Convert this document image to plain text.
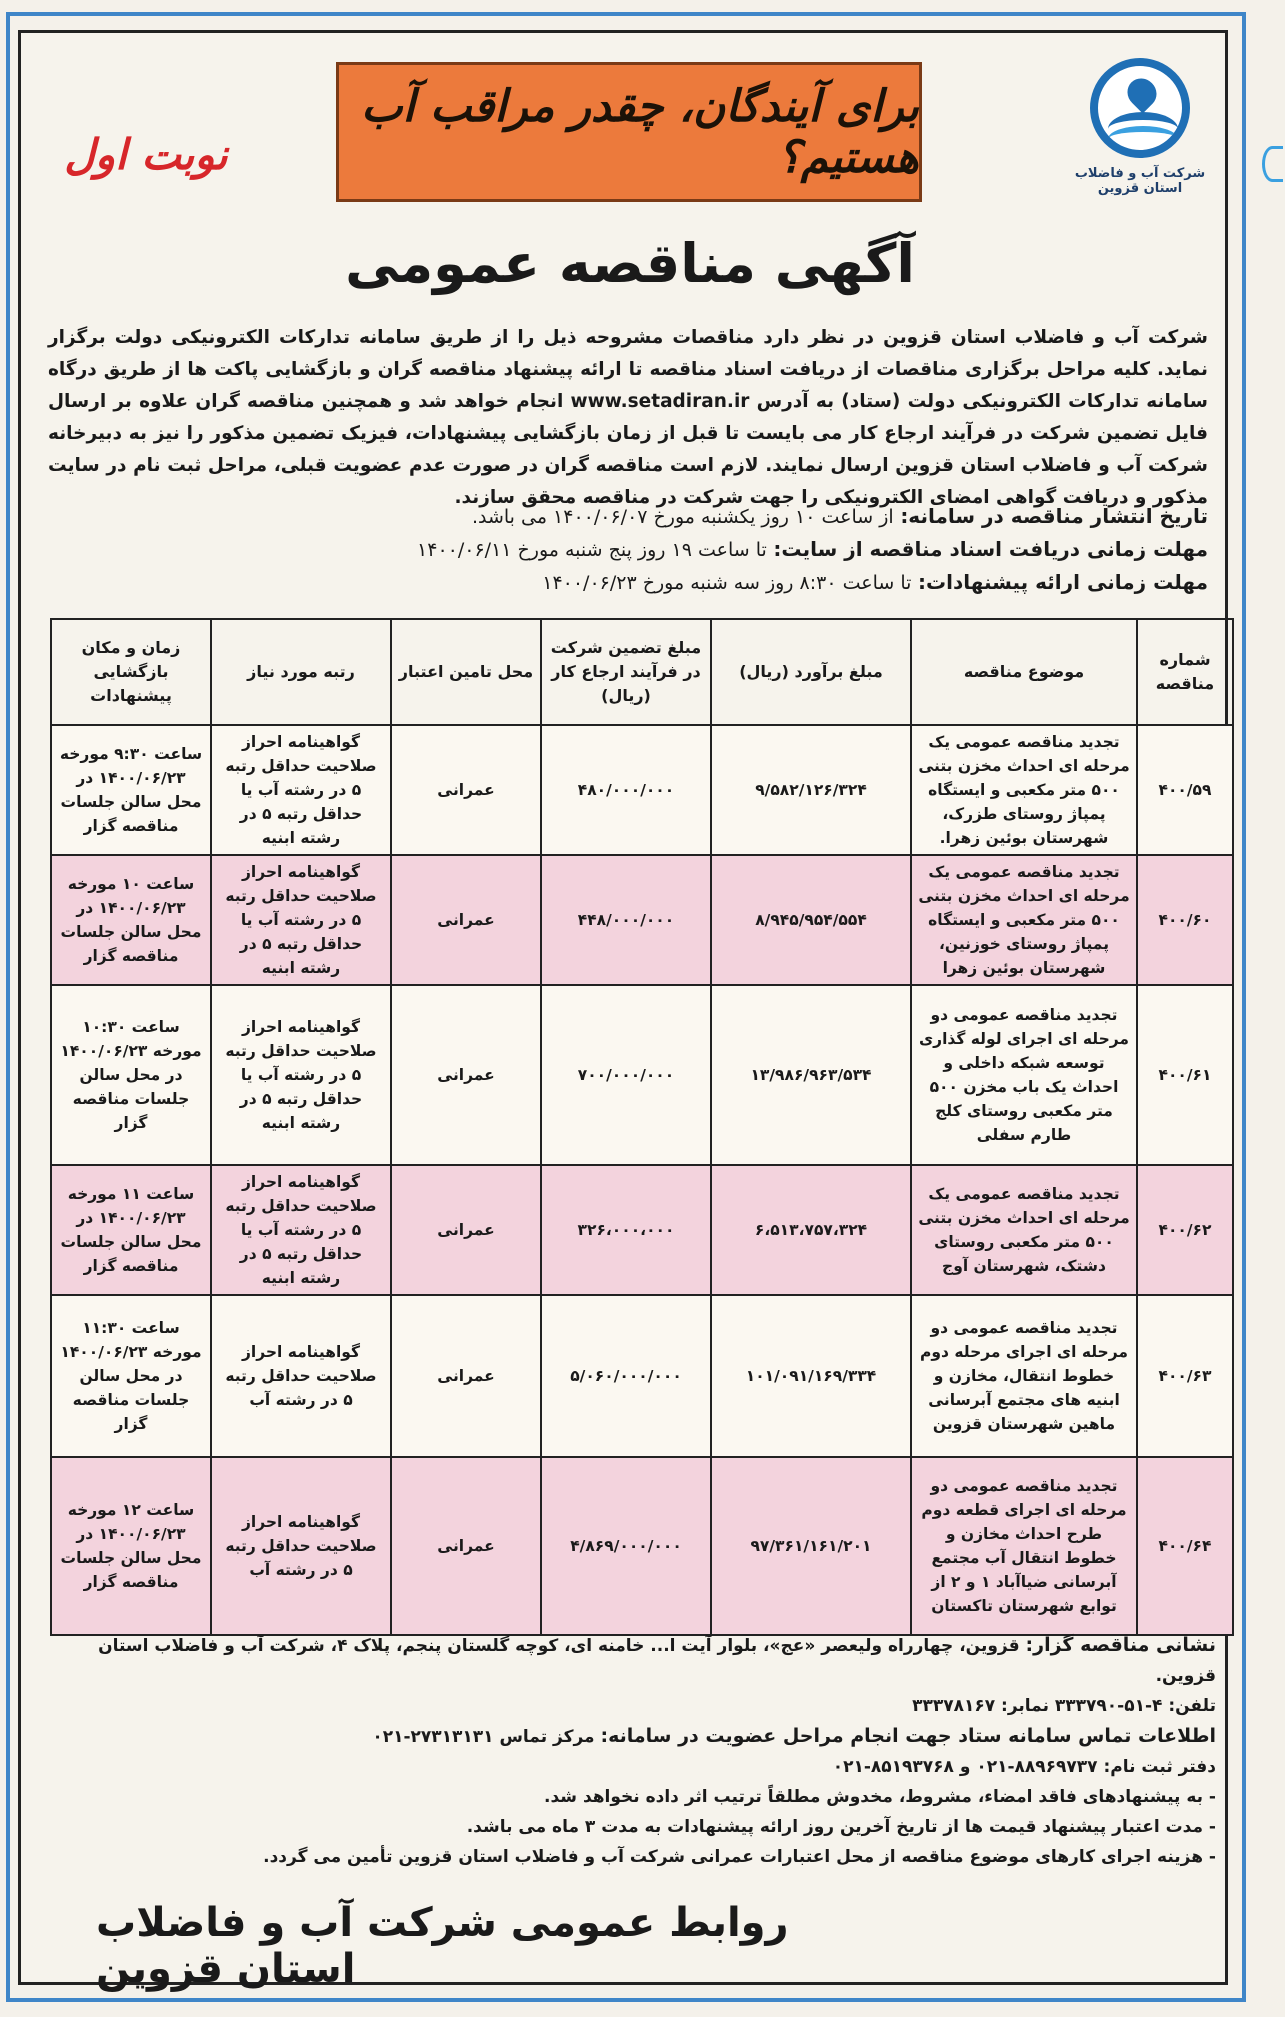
شرکت آب و فاضلاب استان قزوین
برای آیندگان، چقدر مراقب آب هستیم؟
نوبت اول
آگهی مناقصه عمومی
شرکت آب و فاضلاب استان قزوین در نظر دارد مناقصات مشروحه ذیل را از طریق سامانه تدارکات الکترونیکی دولت برگزار نماید. کلیه مراحل برگزاری مناقصات از دریافت اسناد مناقصه تا ارائه پیشنهاد مناقصه گران و بازگشایی پاکت ها از طریق درگاه سامانه تدارکات الکترونیکی دولت (ستاد) به آدرس www.setadiran.ir انجام خواهد شد و همچنین مناقصه گران علاوه بر ارسال فایل تضمین شرکت در فرآیند ارجاع کار می بایست تا قبل از زمان بازگشایی پیشنهادات، فیزیک تضمین مذکور را نیز به دبیرخانه شرکت آب و فاضلاب استان قزوین ارسال نمایند. لازم است مناقصه گران در صورت عدم عضویت قبلی، مراحل ثبت نام در سایت مذکور و دریافت گواهی امضای الکترونیکی را جهت شرکت در مناقصه محقق سازند.
تاریخ انتشار مناقصه در سامانه: از ساعت ۱۰ روز یکشنبه مورخ ۱۴۰۰/۰۶/۰۷ می باشد.
مهلت زمانی دریافت اسناد مناقصه از سایت: تا ساعت ۱۹ روز پنج شنبه مورخ ۱۴۰۰/۰۶/۱۱
مهلت زمانی ارائه پیشنهادات: تا ساعت ۸:۳۰ روز سه شنبه مورخ ۱۴۰۰/۰۶/۲۳
شماره مناقصه	موضوع مناقصه	مبلغ برآورد (ریال)	مبلغ تضمین شرکت در فرآیند ارجاع کار (ریال)	محل تامین اعتبار	رتبه مورد نیاز	زمان و مکان بازگشایی پیشنهادات
۴۰۰/۵۹	تجدید مناقصه عمومی یک مرحله ای احداث مخزن بتنی ۵۰۰ متر مکعبی و ایستگاه پمپاژ روستای طزرک، شهرستان بوئین زهرا.	۹/۵۸۲/۱۲۶/۳۲۴	۴۸۰/۰۰۰/۰۰۰	عمرانی	گواهینامه احراز صلاحیت حداقل رتبه ۵ در رشته آب یا حداقل رتبه ۵ در رشته ابنیه	ساعت ۹:۳۰ مورخه ۱۴۰۰/۰۶/۲۳ در محل سالن جلسات مناقصه گزار
۴۰۰/۶۰	تجدید مناقصه عمومی یک مرحله ای احداث مخزن بتنی ۵۰۰ متر مکعبی و ایستگاه پمپاژ روستای خوزنین، شهرستان بوئین زهرا	۸/۹۴۵/۹۵۴/۵۵۴	۴۴۸/۰۰۰/۰۰۰	عمرانی	گواهینامه احراز صلاحیت حداقل رتبه ۵ در رشته آب یا حداقل رتبه ۵ در رشته ابنیه	ساعت ۱۰ مورخه ۱۴۰۰/۰۶/۲۳ در محل سالن جلسات مناقصه گزار
۴۰۰/۶۱	تجدید مناقصه عمومی دو مرحله ای اجرای لوله گذاری توسعه شبکه داخلی و احداث یک باب مخزن ۵۰۰ متر مکعبی روستای کلج طارم سفلی	۱۳/۹۸۶/۹۶۳/۵۳۴	۷۰۰/۰۰۰/۰۰۰	عمرانی	گواهینامه احراز صلاحیت حداقل رتبه ۵ در رشته آب یا حداقل رتبه ۵ در رشته ابنیه	ساعت ۱۰:۳۰ مورخه ۱۴۰۰/۰۶/۲۳ در محل سالن جلسات مناقصه گزار
۴۰۰/۶۲	تجدید مناقصه عمومی یک مرحله ای احداث مخزن بتنی ۵۰۰ متر مکعبی روستای دشتک، شهرستان آوج	۶،۵۱۳،۷۵۷،۳۲۴	۳۲۶،۰۰۰،۰۰۰	عمرانی	گواهینامه احراز صلاحیت حداقل رتبه ۵ در رشته آب یا حداقل رتبه ۵ در رشته ابنیه	ساعت ۱۱ مورخه ۱۴۰۰/۰۶/۲۳ در محل سالن جلسات مناقصه گزار
۴۰۰/۶۳	تجدید مناقصه عمومی دو مرحله ای اجرای مرحله دوم خطوط انتقال، مخازن و ابنیه های مجتمع آبرسانی ماهین شهرستان قزوین	۱۰۱/۰۹۱/۱۶۹/۳۳۴	۵/۰۶۰/۰۰۰/۰۰۰	عمرانی	گواهینامه احراز صلاحیت حداقل رتبه ۵ در رشته آب	ساعت ۱۱:۳۰ مورخه ۱۴۰۰/۰۶/۲۳ در محل سالن جلسات مناقصه گزار
۴۰۰/۶۴	تجدید مناقصه عمومی دو مرحله ای اجرای قطعه دوم طرح احداث مخازن و خطوط انتقال آب مجتمع آبرسانی ضیاآباد ۱ و ۲ از توابع شهرستان تاکستان	۹۷/۳۶۱/۱۶۱/۲۰۱	۴/۸۶۹/۰۰۰/۰۰۰	عمرانی	گواهینامه احراز صلاحیت حداقل رتبه ۵ در رشته آب	ساعت ۱۲ مورخه ۱۴۰۰/۰۶/۲۳ در محل سالن جلسات مناقصه گزار
نشانی مناقصه گزار: قزوین، چهارراه ولیعصر «عج»، بلوار آیت ا... خامنه ای، کوچه گلستان پنجم، پلاک ۴، شرکت آب و فاضلاب استان قزوین.
تلفن: ۴-۵۱-۳۳۳۷۹۰ نمابر: ۳۳۳۷۸۱۶۷
اطلاعات تماس سامانه ستاد جهت انجام مراحل عضویت در سامانه: مرکز تماس ۲۷۳۱۳۱۳۱-۰۲۱
دفتر ثبت نام: ۸۸۹۶۹۷۳۷-۰۲۱ و ۸۵۱۹۳۷۶۸-۰۲۱
- به پیشنهادهای فاقد امضاء، مشروط، مخدوش مطلقاً ترتیب اثر داده نخواهد شد.
- مدت اعتبار پیشنهاد قیمت ها از تاریخ آخرین روز ارائه پیشنهادات به مدت ۳ ماه می باشد.
- هزینه اجرای کارهای موضوع مناقصه از محل اعتبارات عمرانی شرکت آب و فاضلاب استان قزوین تأمین می گردد.
روابط عمومی شرکت آب و فاضلاب استان قزوین
